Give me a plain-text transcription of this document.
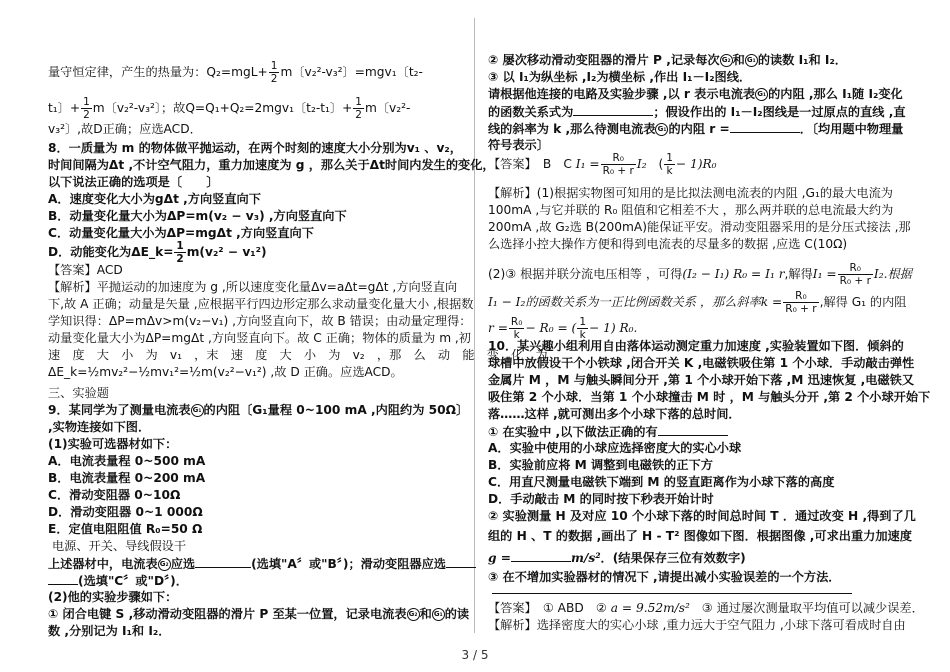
量守恒定律，产生的热量为：$Q_2=mgL+ \frac{1}{2}$ m〔v₂²-v₃²〕=mgv₁〔t₂-
t₁〕+ $\frac{1}{2}$ m〔v₂²-v₃²〕；故Q=Q₁+Q₂=2mgv₁〔t₂-t₁〕+ $\frac{1}{2}$ m〔v₂²-
v₃²〕,故D正确；应选ACD．
8．一质量为 m 的物体做平抛运动，在两个时刻的速度大小分别为v₁ 、v₂，
时间间隔为Δt ,不计空气阻力，重力加速度为 g ，那么关于Δt时间内发生的变化，
以下说法正确的选项是〔　　〕
A．速度变化大小为gΔt ,方向竖直向下
B．动量变化量大小为ΔP=m(v₂ − v₃) ,方向竖直向下
C．动量变化量大小为ΔP=mgΔt ,方向竖直向下
D．动能变化为ΔE_k= $\frac{1}{2} m(v_2^2 - v_1^2)$
【答案】ACD
【解析】平抛运动的加速度为 g ,所以速度变化量Δv=aΔt=gΔt ,方向竖直向
下,故 A 正确；动量是矢量 ,应根据平行四边形定那么求动量变化量大小 ,根据数
学知识得：ΔP=mΔv>m(v₂−v₁) ,方向竖直向下，故 B 错误；由动量定理得：
动量变化量大小为ΔP=mgΔt ,方向竖直向下。故 C 正确；物体的质量为 m ,初
速　度　大　小　为　v₁　，末　速　度　大　小　为　v₂　，那　么　动　能　变　化　为
ΔE_k=½mv₂²−½mv₁²=½m(v₂²−v₁²) ,故 D 正确。应选ACD。
三、实验题
9．某同学为了测量电流表 G₁ 的内阻〔G₁量程 0~100 mA ,内阻约为 50Ω〕
,实物连接如下图．
(1)实验可选器材如下：
A．电流表量程 0~500 mA
B．电流表量程 0~200 mA
C．滑动变阻器 0~10Ω
D．滑动变阻器 0~1 000Ω
E．定值电阻阻值 R₀=50 Ω
电源、开关、导线假设干
上述器材中，电流表 G₂ 应选	(选填"A〞或"B〞)；滑动变阻器应选
(选填"C〞或"D〞)．
(2)他的实验步骤如下：
① 闭合电键 S ,移动滑动变阻器的滑片 P 至某一位置，记录电流表 G₂ 和 G₁ 的读
数 ,分别记为 I₁和 I₂．
② 屡次移动滑动变阻器的滑片 P ,记录每次 G₂ 和 G₁ 的读数 I₁和 I₂．
③ 以 I₁为纵坐标 ,I₂为横坐标 ,作出 I₁－I₂图线．
请根据他连接的电路及实验步骤 ,以 r 表示电流表 G₁ 的内阻 ,那么 I₁随 I₂变化
的函数关系式为	；假设作出的 I₁－I₂图线是一过原点的直线 ,直
线的斜率为 k ,那么待测电流表 G₁ 的内阻 r =	．〔均用题中物理量
符号表示〕
【答案】　B　C $I_1 = \frac{\text{R₀}}{\text{R₀ + r}} I_2$ ( $\frac{1}{k} - 1)R_0$
【解析】(1)根据实物图可知用的是比拟法测电流表的内阻 ,G₁的最大电流为
100mA ,与它并联的 R₀ 阻值和它相差不大 ，那么两并联的总电流最大约为
200mA ,故 G₂选 B(200mA)能保证平安。滑动变阻器采用的是分压式接法 ,那
么选择小控大操作方便和得到电流表的尽量多的数据 ,应选 C(10Ω)
(2)③ 根据并联分流电压相等 ，可得(I₂ − I₁) R₀ = I₁ r,解得$I_1 = \frac{\text{R₀}}{\text{R₀ + r}} I_2$.根据
I₁ − I₂的函数关系为一正比例函数关系 ，那么斜率$k = \frac{\text{R₀}}{\text{R₀ + r}}$ ,解得 G₁ 的内阻
$r = \frac{\text{R₀}}{k} - R_0$ = ( $\frac{1}{k} - 1$) R₀.
10．某兴趣小组利用自由落体运动测定重力加速度 ,实验装置如下图．倾斜的
球槽中放假设干个小铁球 ,闭合开关 K ,电磁铁吸住第 1 个小球．手动敲击弹性
金属片 M ，M 与触头瞬间分开 ,第 1 个小球开始下落 ,M 迅速恢复 ,电磁铁又
吸住第 2 个小球．当第 1 个小球撞击 M 时 ，M 与触头分开 ,第 2 个小球开始下
落……这样 ,就可测出多个小球下落的总时间．
① 在实验中 ,以下做法正确的有
A．实验中使用的小球应选择密度大的实心小球
B．实验前应将 M 调整到电磁铁的正下方
C．用直尺测量电磁铁下端到 M 的竖直距离作为小球下落的高度
D．手动敲击 M 的同时按下秒表开始计时
② 实验测量 H 及对应 10 个小球下落的时间总时间 T ．通过改变 H ,得到了几
组的 H 、T 的数据 ,画出了 H - T² 图像如下图．根据图像 ,可求出重力加速度
g =	m/s²．(结果保存三位有效数字)
③ 在不增加实验器材的情况下 ,请提出减小实验误差的一个方法．
【答案】　① ABD　② a = 9.52m/s² ③ 通过屡次测量取平均值可以减少误差．
【解析】选择密度大的实心小球 ,重力远大于空气阻力 ,小球下落可看成时自由
3 / 5
